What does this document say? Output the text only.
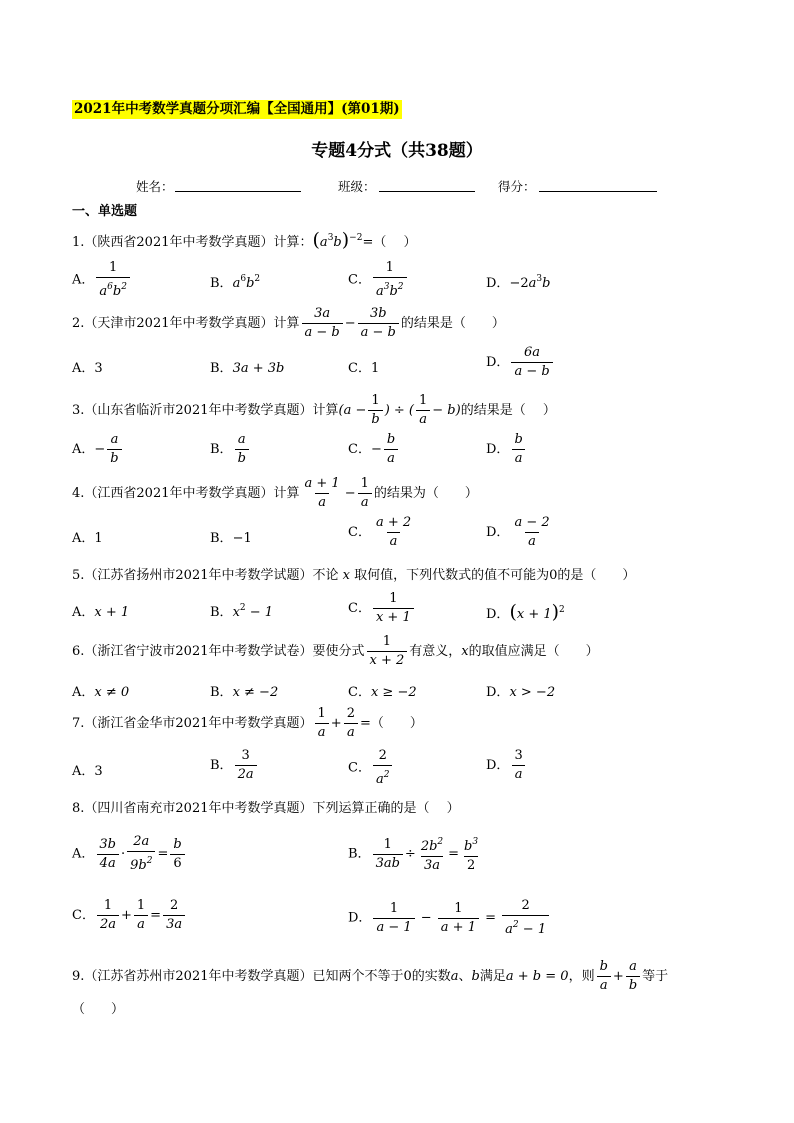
2021年中考数学真题分项汇编【全国通用】(第01期)
专题4分式（共38题）
姓名：	班级：	得分：
一、单选题
1.（陕西省2021年中考数学真题）计算：$(a^3b)^{-2}=$（　 ）
A． $\frac{1}{a^6b^2}$	B．$a^6b^2$	C． $\frac{1}{a^3b^2}$	D．$-2a^3b$
2.（天津市2021年中考数学真题）计算 $\frac{3a}{a - b} - \frac{3b}{a - b}$ 的结果是（　　）
A．3	B．3a + 3b	C．1	D． $\frac{6a}{a - b}$
3.（山东省临沂市2021年中考数学真题）计算($a - \frac{1}{b}$ ) ÷ ( $\frac{1}{a} - b$)的结果是（　 ）
A．− $\frac{a}{b}$	B． $\frac{a}{b}$	C．− $\frac{b}{a}$	D． $\frac{b}{a}$
4.（江西省2021年中考数学真题）计算 $\frac{a + 1}{a} - \frac{1}{a}$ 的结果为（　　）
A．1	B．−1	C． $\frac{a + 2}{a}$	D． $\frac{a - 2}{a}$
5.（江苏省扬州市2021年中考数学试题）不论 x 取何值，下列代数式的值不可能为0的是（　　）
A．x + 1	B．$x^2 - 1$	C． $\frac{1}{x + 1}$	D．$(x + 1)^2$
6.（浙江省宁波市2021年中考数学试卷）要使分式 $\frac{1}{x + 2}$ 有意义，x的取值应满足（　　）
A．x ≠ 0	B．x ≠ −2	C．x ≥ −2	D．x > −2
7.（浙江省金华市2021年中考数学真题） $\frac{1}{a} + \frac{2}{a}$ =（　　）
A．3	B． $\frac{3}{2a}$	C． $\frac{2}{a^2}$	D． $\frac{3}{a}$
8.（四川省南充市2021年中考数学真题）下列运算正确的是（　 ）
A． $\frac{3b}{4a} \cdot \frac{2a}{9b^2} = \frac{b}{6}$	B． $\frac{1}{3ab} \div \frac{2b^2}{3a} = \frac{b^3}{2}$
C． $\frac{1}{2a} + \frac{1}{a} = \frac{2}{3a}$	D． $\frac{1}{a - 1} - \frac{1}{a + 1} = \frac{2}{a^2 - 1}$
9.（江苏省苏州市2021年中考数学真题）已知两个不等于0的实数a、b满足a + b = 0，则 $\frac{b}{a} + \frac{a}{b}$ 等于
（　　）
